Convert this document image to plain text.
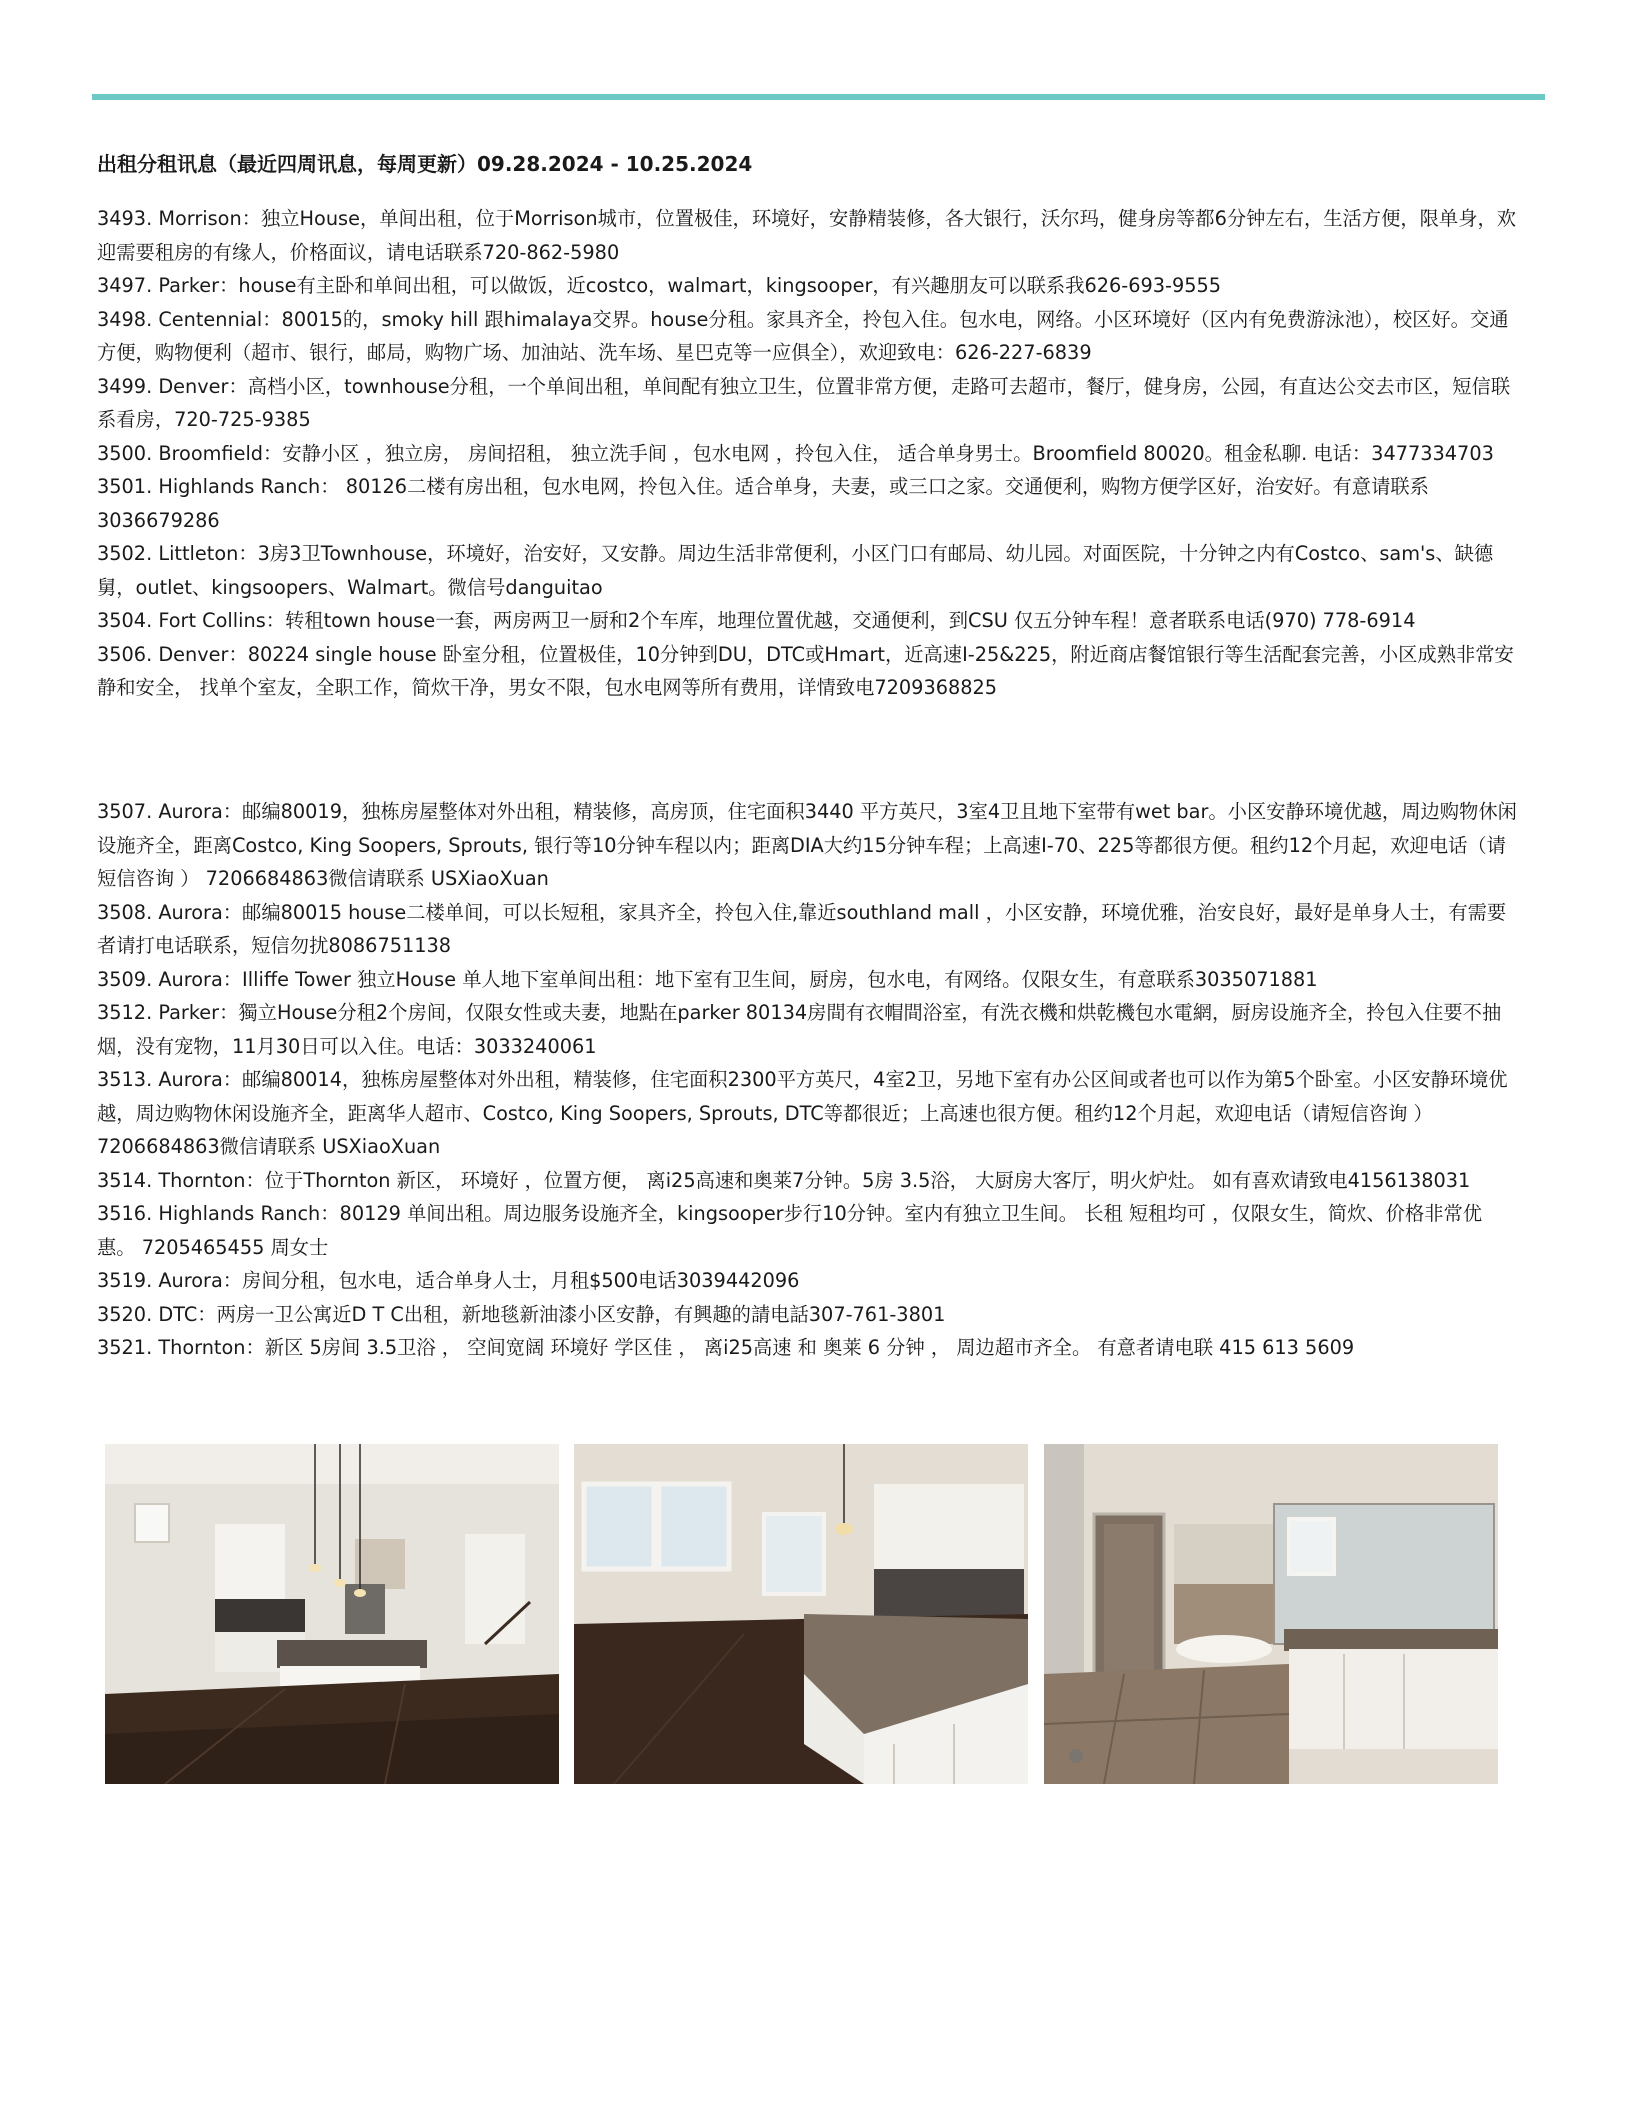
出租分租讯息（最近四周讯息，每周更新）09.28.2024 - 10.25.2024

3493. Morrison：独立House，单间出租，位于Morrison城市，位置极佳，环境好，安静精装修，各大银行，沃尔玛，健身房等都6分钟左右，生活方便，限单身，欢迎需要租房的有缘人，价格面议，请电话联系720-862-5980

3497. Parker：house有主卧和单间出租，可以做饭，近costco，walmart，kingsooper，有兴趣朋友可以联系我626-693-9555

3498. Centennial：80015的，smoky hill 跟himalaya交界。house分租。家具齐全，拎包入住。包水电，网络。小区环境好（区内有免费游泳池），校区好。交通方便，购物便利（超市、银行，邮局，购物广场、加油站、洗车场、星巴克等一应俱全），欢迎致电：626-227-6839

3499. Denver：高档小区，townhouse分租，一个单间出租，单间配有独立卫生，位置非常方便，走路可去超市，餐厅，健身房，公园，有直达公交去市区，短信联系看房，720-725-9385

3500. Broomfield：安静小区 ，独立房， 房间招租， 独立洗手间 ，包水电网 ，拎包入住， 适合单身男士。Broomfield 80020。租金私聊. 电话：3477334703

3501. Highlands Ranch： 80126二楼有房出租，包水电网，拎包入住。适合单身，夫妻，或三口之家。交通便利，购物方便学区好，治安好。有意请联系3036679286

3502. Littleton：3房3卫Townhouse，环境好，治安好，又安静。周边生活非常便利，小区门口有邮局、幼儿园。对面医院，十分钟之内有Costco、sam's、缺德舅，outlet、kingsoopers、Walmart。微信号danguitao

3504. Fort Collins：转租town house一套，两房两卫一厨和2个车库，地理位置优越，交通便利，到CSU 仅五分钟车程！意者联系电话(970) 778-6914

3506. Denver：80224 single house 卧室分租，位置极佳，10分钟到DU，DTC或Hmart，近高速I-25&225，附近商店餐馆银行等生活配套完善，小区成熟非常安静和安全， 找单个室友，全职工作，简炊干净，男女不限，包水电网等所有费用，详情致电7209368825

3507. Aurora：邮编80019，独栋房屋整体对外出租，精装修，高房顶，住宅面积3440 平方英尺，3室4卫且地下室带有wet bar。小区安静环境优越，周边购物休闲设施齐全，距离Costco, King Soopers, Sprouts, 银行等10分钟车程以内；距离DIA大约15分钟车程；上高速I-70、225等都很方便。租约12个月起，欢迎电话（请短信咨询 ） 7206684863微信请联系 USXiaoXuan

3508. Aurora：邮编80015 house二楼单间，可以长短租，家具齐全，拎包入住,靠近southland mall ，小区安静，环境优雅，治安良好，最好是单身人士，有需要者请打电话联系，短信勿扰8086751138

3509. Aurora：Illiffe Tower 独立House 单人地下室单间出租：地下室有卫生间，厨房，包水电，有网络。仅限女生，有意联系3035071881

3512. Parker：獨立House分租2个房间，仅限女性或夫妻，地點在parker 80134房間有衣帽間浴室，有洗衣機和烘乾機包水電網，厨房设施齐全，拎包入住要不抽烟，没有宠物，11月30日可以入住。电话：3033240061

3513. Aurora：邮编80014，独栋房屋整体对外出租，精装修，住宅面积2300平方英尺，4室2卫，另地下室有办公区间或者也可以作为第5个卧室。小区安静环境优越，周边购物休闲设施齐全，距离华人超市、Costco, King Soopers, Sprouts, DTC等都很近；上高速也很方便。租约12个月起，欢迎电话（请短信咨询 ） 7206684863微信请联系 USXiaoXuan

3514. Thornton：位于Thornton 新区， 环境好 ，位置方便， 离i25高速和奥莱7分钟。5房 3.5浴， 大厨房大客厅，明火炉灶。 如有喜欢请致电4156138031

3516. Highlands Ranch：80129 单间出租。周边服务设施齐全，kingsooper步行10分钟。室内有独立卫生间。 长租 短租均可 ，仅限女生，简炊、价格非常优惠。 7205465455 周女士

3519. Aurora：房间分租，包水电，适合单身人士，月租$500电话3039442096

3520. DTC：两房一卫公寓近D T C出租，新地毯新油漆小区安静，有興趣的請电話307-761-3801

3521. Thornton：新区 5房间 3.5卫浴 ， 空间宽阔 环境好 学区佳 ， 离i25高速 和 奥莱 6 分钟 ， 周边超市齐全。 有意者请电联 415 613 5609
